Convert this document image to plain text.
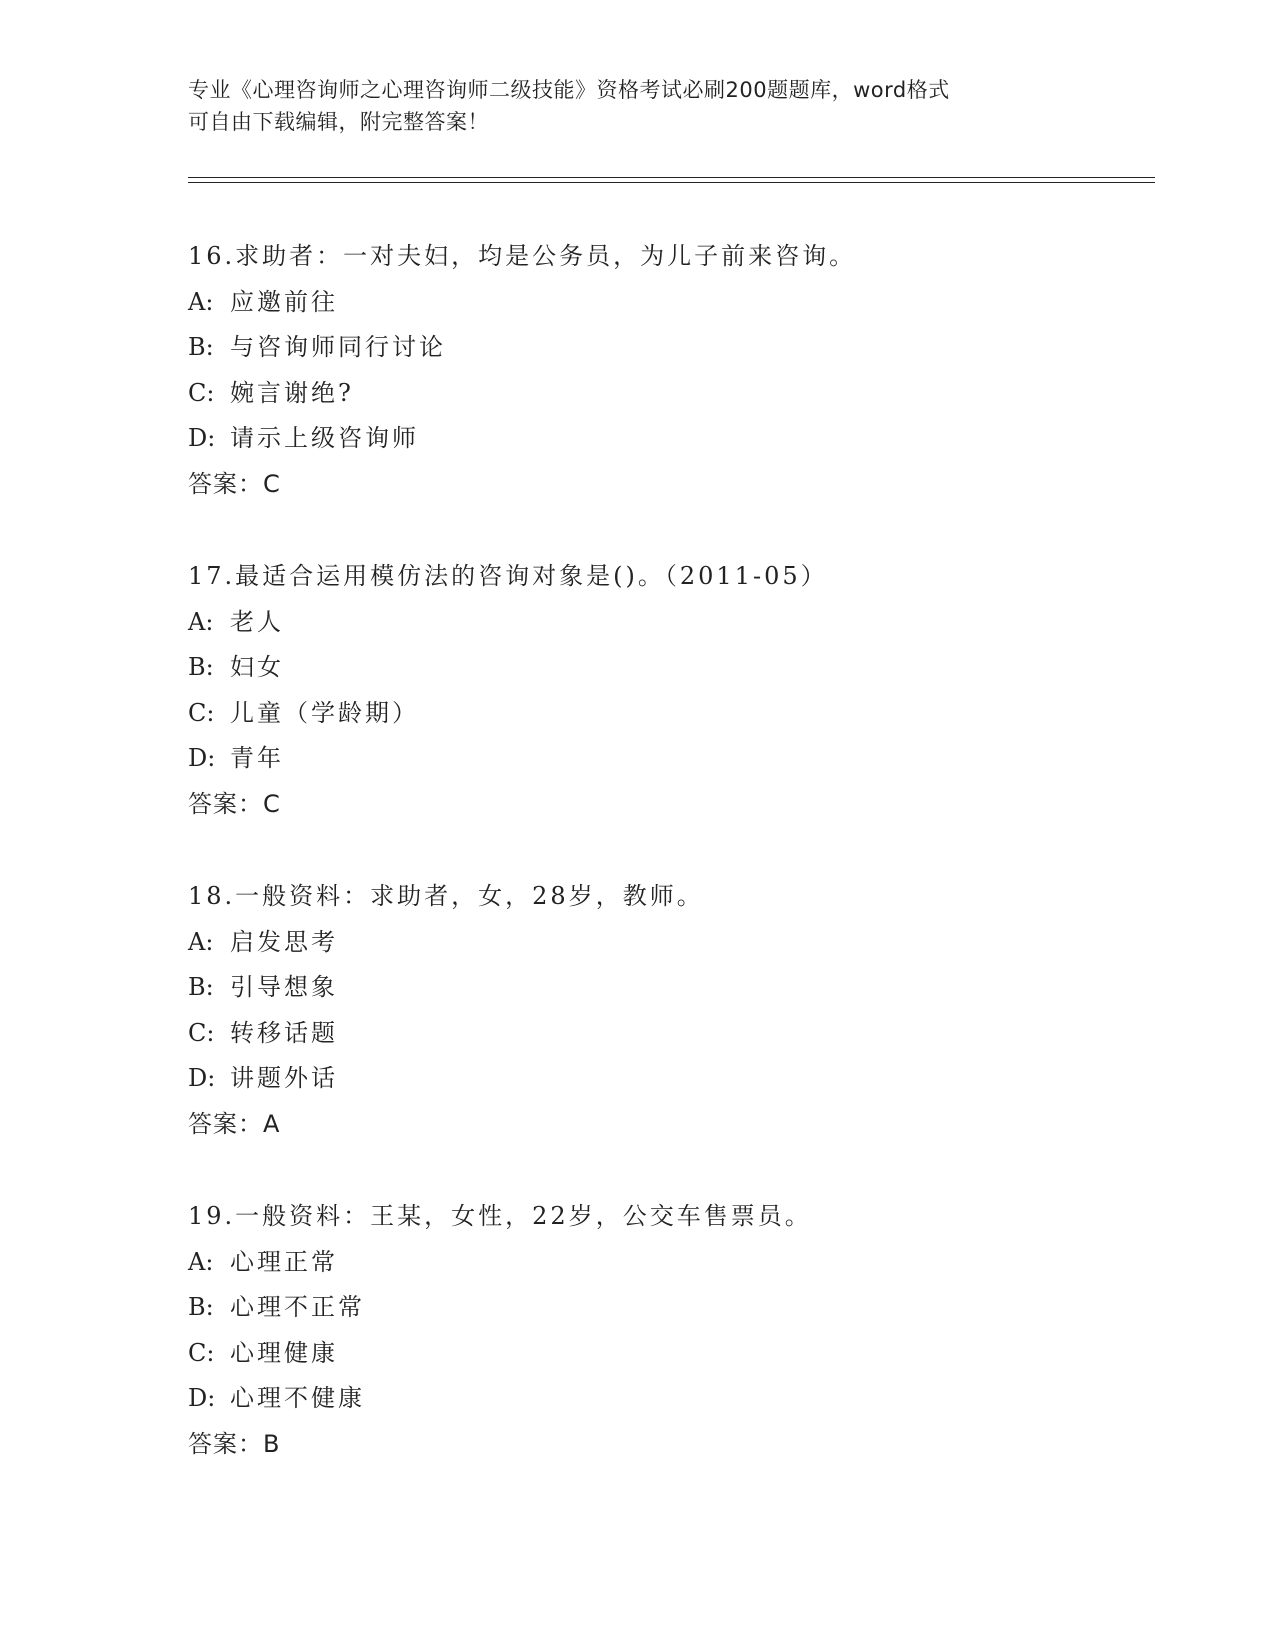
专业《心理咨询师之心理咨询师二级技能》资格考试必刷200题题库，word格式
可自由下载编辑，附完整答案！
16.求助者：一对夫妇，均是公务员，为儿子前来咨询。
A: 应邀前往
B: 与咨询师同行讨论
C: 婉言谢绝?
D: 请示上级咨询师
答案：C
17.最适合运用模仿法的咨询对象是()。（2011-05）
A: 老人
B: 妇女
C: 儿童（学龄期）
D: 青年
答案：C
18.一般资料：求助者，女，28岁，教师。
A: 启发思考
B: 引导想象
C: 转移话题
D: 讲题外话
答案：A
19.一般资料：王某，女性，22岁，公交车售票员。
A: 心理正常
B: 心理不正常
C: 心理健康
D: 心理不健康
答案：B
